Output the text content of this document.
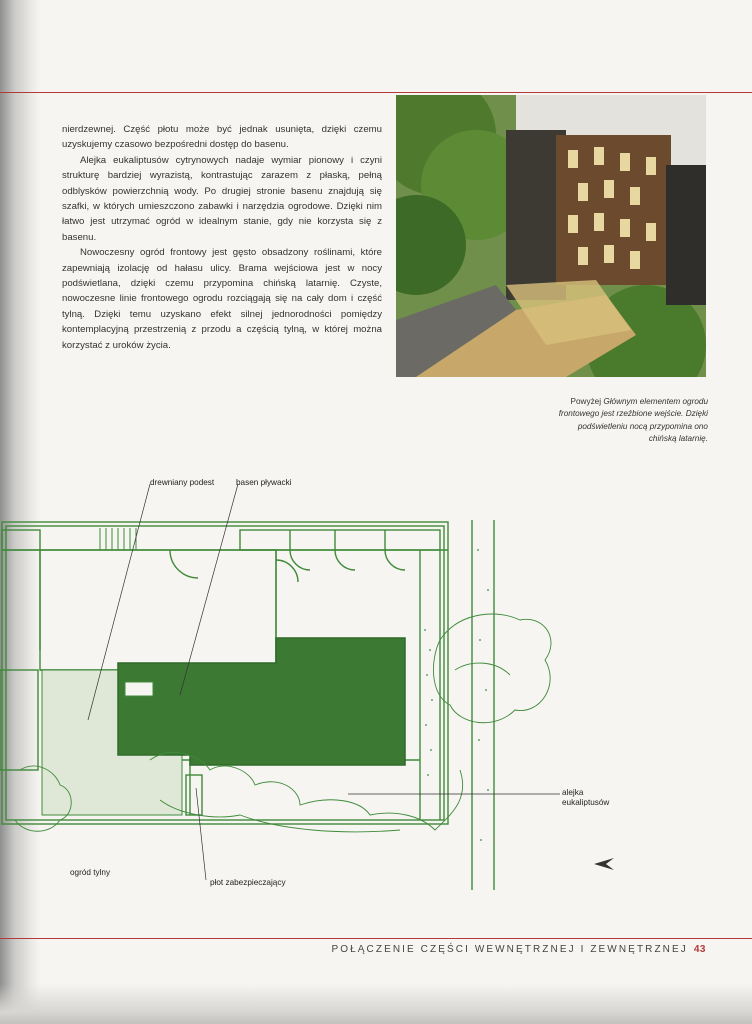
nierdzewnej. Część płotu może być jednak usunięta, dzięki czemu uzyskujemy czasowo bezpośredni dostęp do basenu.

Alejka eukaliptusów cytrynowych nadaje wymiar pionowy i czyni strukturę bardziej wyrazistą, kontrastując zarazem z płaską, pełną odblysków powierzchnią wody. Po drugiej stronie basenu znajdują się szafki, w których umieszczono zabawki i narzędzia ogrodowe. Dzięki nim łatwo jest utrzymać ogród w idealnym stanie, gdy nie korzysta się z basenu.

Nowoczesny ogród frontowy jest gęsto obsadzony roślinami, które zapewniają izolację od hałasu ulicy. Brama wejściowa jest w nocy podświetlana, dzięki czemu przypomina chińską latarnię. Czyste, nowoczesne linie frontowego ogrodu rozciągają się na cały dom i część tylną. Dzięki temu uzyskano efekt silnej jednorodności pomiędzy kontemplacyjną przestrzenią z przodu a częścią tylną, w której można korzystać z uroków życia.

Powyżej Głównym elementem ogrodu frontowego jest rzeźbione wejście. Dzięki podświetleniu nocą przypomina ono chińską latarnię.
drewniany podest	basen pływacki
alejka
eukaliptusów
ogród tylny
płot zabezpieczający
POŁĄCZENIE CZĘŚCI WEWNĘTRZNEJ I ZEWNĘTRZNEJ 43
